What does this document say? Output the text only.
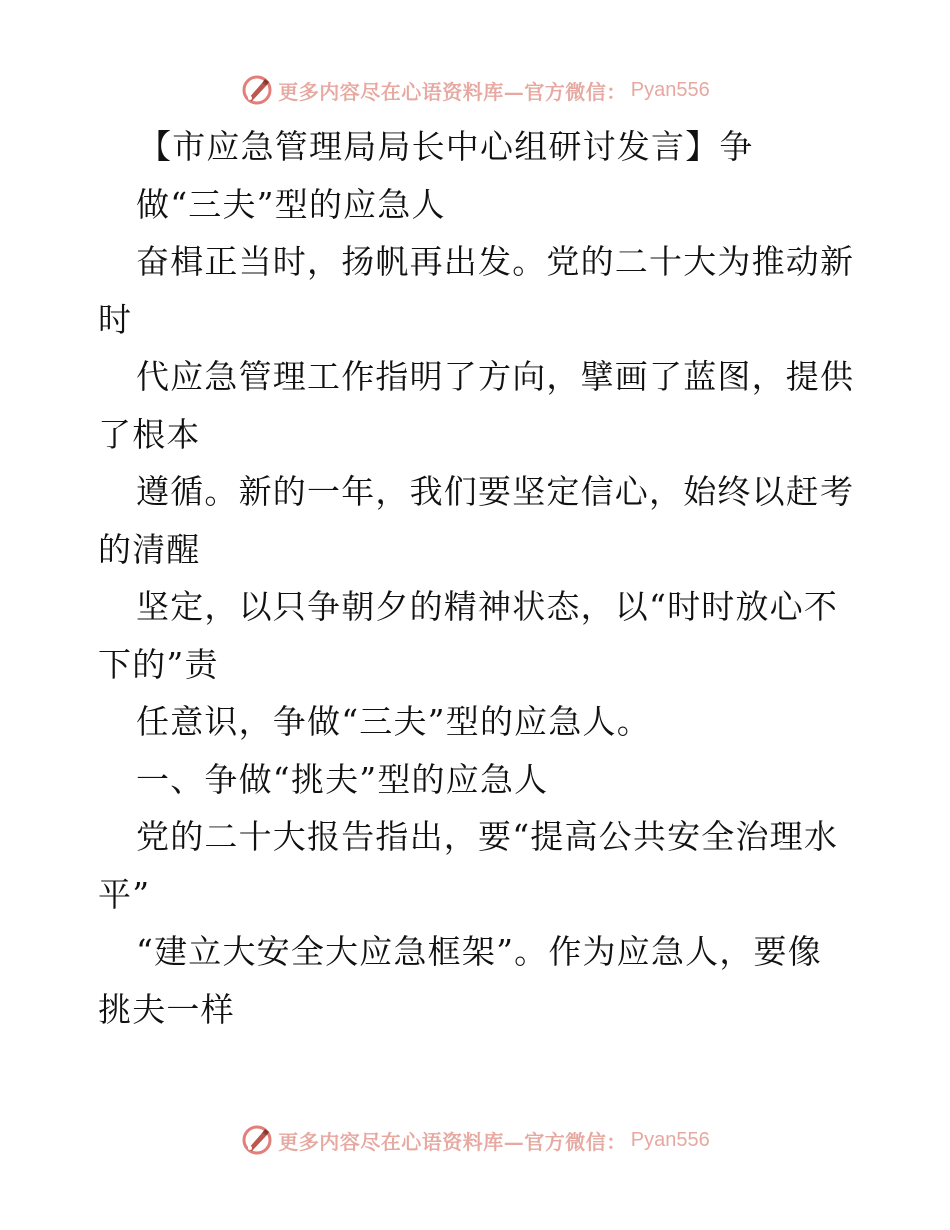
更多内容尽在心语资料库—官方微信： Pyan556
【市应急管理局局长中心组研讨发言】争
做“三夫”型的应急人
奋楫正当时，扬帆再出发。党的二十大为推动新
时
代应急管理工作指明了方向，擘画了蓝图，提供
了根本
遵循。新的一年，我们要坚定信心，始终以赶考
的清醒
坚定，以只争朝夕的精神状态，以“时时放心不
下的”责
任意识，争做“三夫”型的应急人。
一、争做“挑夫”型的应急人
党的二十大报告指出，要“提高公共安全治理水
平”
“建立大安全大应急框架”。作为应急人，要像
挑夫一样
更多内容尽在心语资料库—官方微信： Pyan556
